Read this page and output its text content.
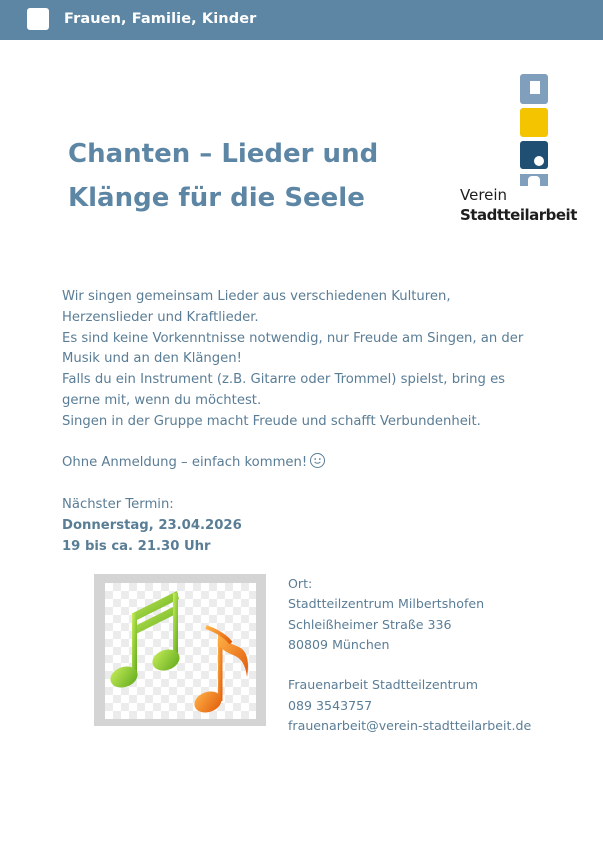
Frauen, Familie, Kinder
Chanten – Lieder und
Klänge für die Seele	Verein
Stadtteilarbeit

Wir singen gemeinsam Lieder aus verschiedenen Kulturen,

Herzenslieder und Kraftlieder.

Es sind keine Vorkenntnisse notwendig, nur Freude am Singen, an der

Musik und an den Klängen!

Falls du ein Instrument (z.B. Gitarre oder Trommel) spielst, bring es

gerne mit, wenn du möchtest.

Singen in der Gruppe macht Freude und schafft Verbundenheit.

Ohne Anmeldung – einfach kommen!

Nächster Termin:

Donnerstag, 23.04.2026

19 bis ca. 21.30 Uhr

Ort:

Stadtteilzentrum Milbertshofen

Schleißheimer Straße 336

80809 München

Frauenarbeit Stadtteilzentrum

089 3543757

frauenarbeit@verein-stadtteilarbeit.de
